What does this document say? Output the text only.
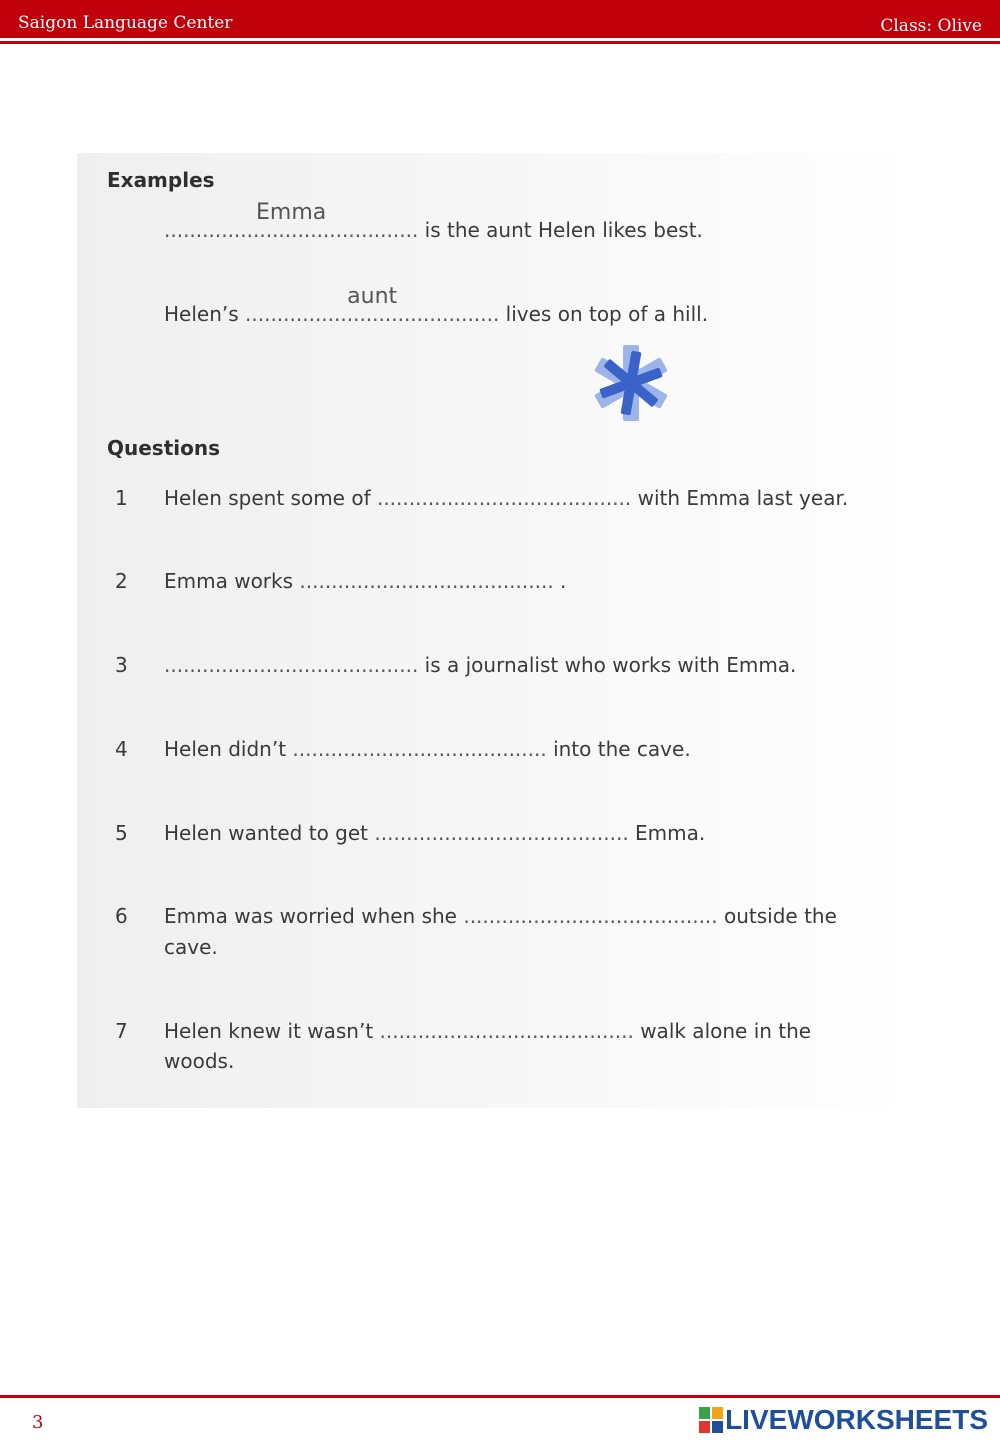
Saigon Language Center	Class: Olive
Examples
........................................
Emma
is the aunt Helen likes best.
Helen’s ........................................
aunt
lives on top of a hill.
Questions
1 Helen spent some of ........................................ with Emma last year.
2 Emma works ........................................ .
3 ........................................ is a journalist who works with Emma.
4 Helen didn’t ........................................ into the cave.
5 Helen wanted to get ........................................ Emma.
6 Emma was worried when she ........................................ outside the
cave.
7 Helen knew it wasn’t ........................................ walk alone in the
woods.
3	LIVEWORKSHEETS
